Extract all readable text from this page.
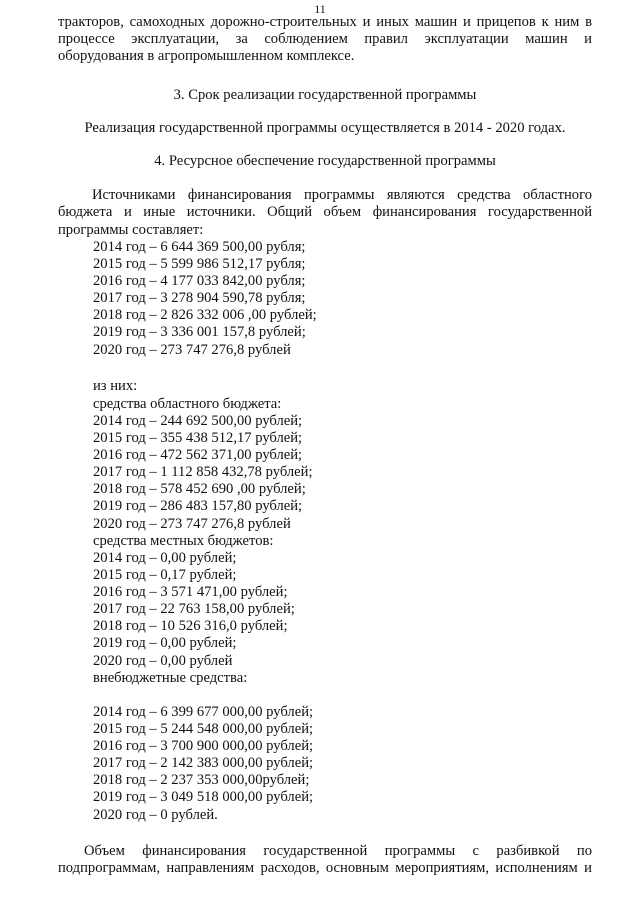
11
тракторов, самоходных дорожно-строительных и иных машин и прицепов к ним в
процессе эксплуатации, за соблюдением правил эксплуатации машин и
оборудования в агропромышленном комплексе.
3. Срок реализации государственной программы
Реализация государственной программы осуществляется в 2014 - 2020 годах.
4. Ресурсное обеспечение государственной программы
Источниками финансирования программы являются средства областного
бюджета и иные источники. Общий объем финансирования государственной
программы составляет:
2014 год – 6 644 369 500,00 рубля;
2015 год – 5 599 986 512,17 рубля;
2016 год – 4 177 033 842,00 рубля;
2017 год – 3 278 904 590,78 рубля;
2018 год – 2 826 332 006 ,00 рублей;
2019 год – 3 336 001 157,8 рублей;
2020 год – 273 747 276,8 рублей
из них:
средства областного бюджета:
2014 год – 244 692 500,00 рублей;
2015 год – 355 438 512,17 рублей;
2016 год – 472 562 371,00 рублей;
2017 год – 1 112 858 432,78 рублей;
2018 год – 578 452 690 ,00 рублей;
2019 год – 286 483 157,80 рублей;
2020 год – 273 747 276,8 рублей
средства местных бюджетов:
2014 год – 0,00 рублей;
2015 год – 0,17 рублей;
2016 год – 3 571 471,00 рублей;
2017 год – 22 763 158,00 рублей;
2018 год – 10 526 316,0 рублей;
2019 год – 0,00 рублей;
2020 год – 0,00 рублей
внебюджетные средства:
2014 год – 6 399 677 000,00 рублей;
2015 год – 5 244 548 000,00 рублей;
2016 год – 3 700 900 000,00 рублей;
2017 год – 2 142 383 000,00 рублей;
2018 год – 2 237 353 000,00рублей;
2019 год – 3 049 518 000,00 рублей;
2020 год – 0 рублей.
Объем финансирования государственной программы с разбивкой по
подпрограммам, направлениям расходов, основным мероприятиям, исполнениям и
